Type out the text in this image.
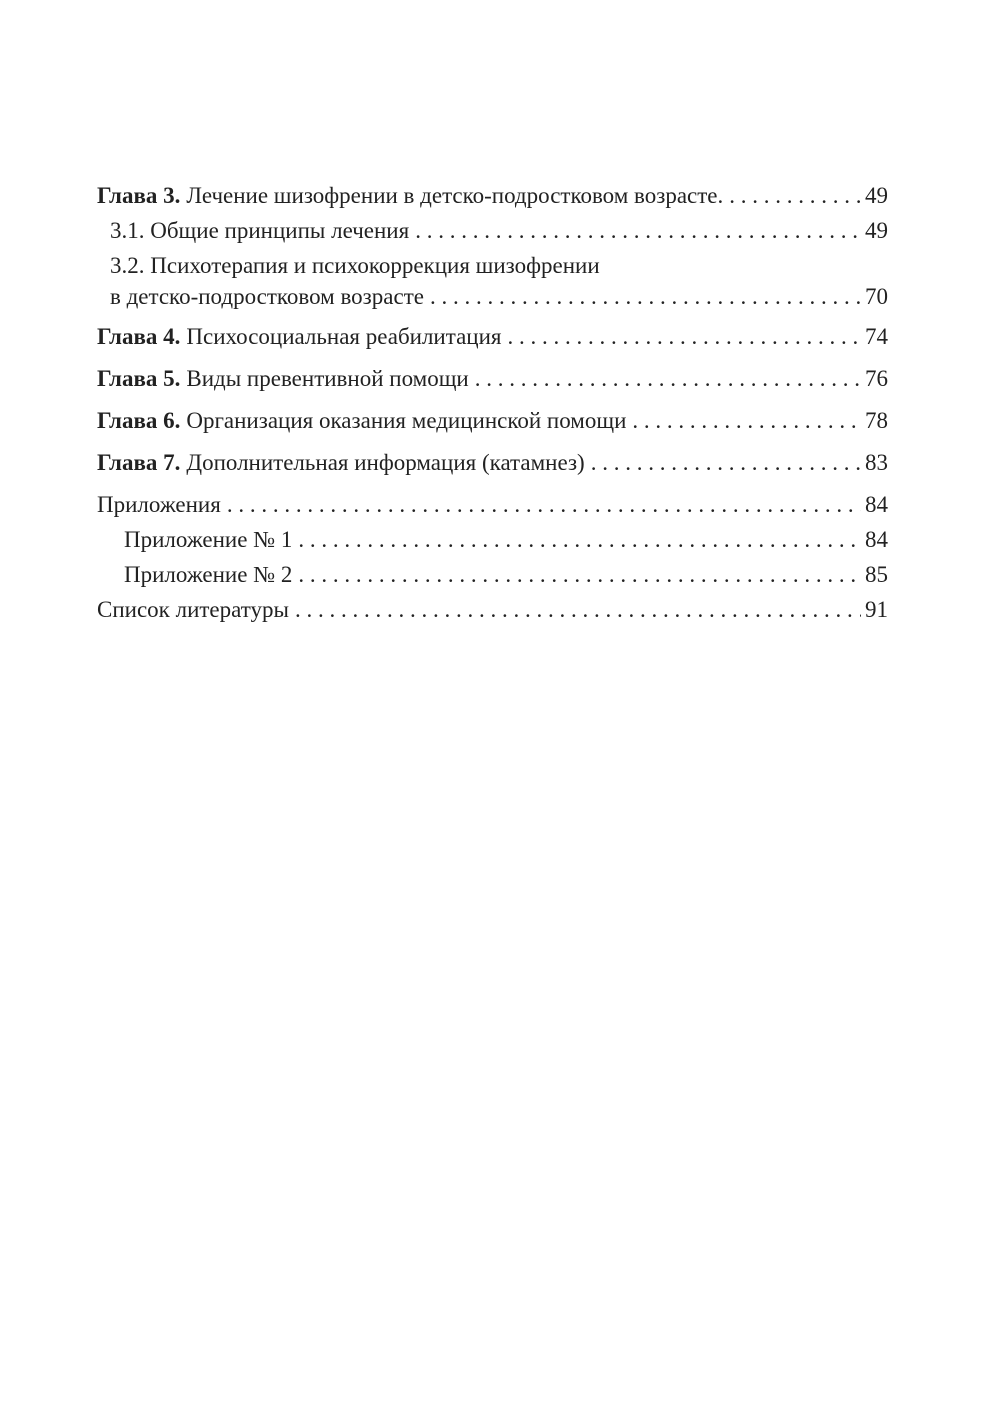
Глава 3. Лечение шизофрении в детско-подростковом возрасте. . . .	49
3.1. Общие принципы лечения . . .	49
3.2. Психотерапия и психокоррекция шизофрении
в детско-подростковом возрасте . . .	70
Глава 4. Психосоциальная реабилитация . . .	74
Глава 5. Виды превентивной помощи . . .	76
Глава 6. Организация оказания медицинской помощи . . .	78
Глава 7. Дополнительная информация (катамнез) . . .	83
Приложения . . .	84
Приложение № 1 . . .	84
Приложение № 2 . . .	85
Список литературы . . .	91
